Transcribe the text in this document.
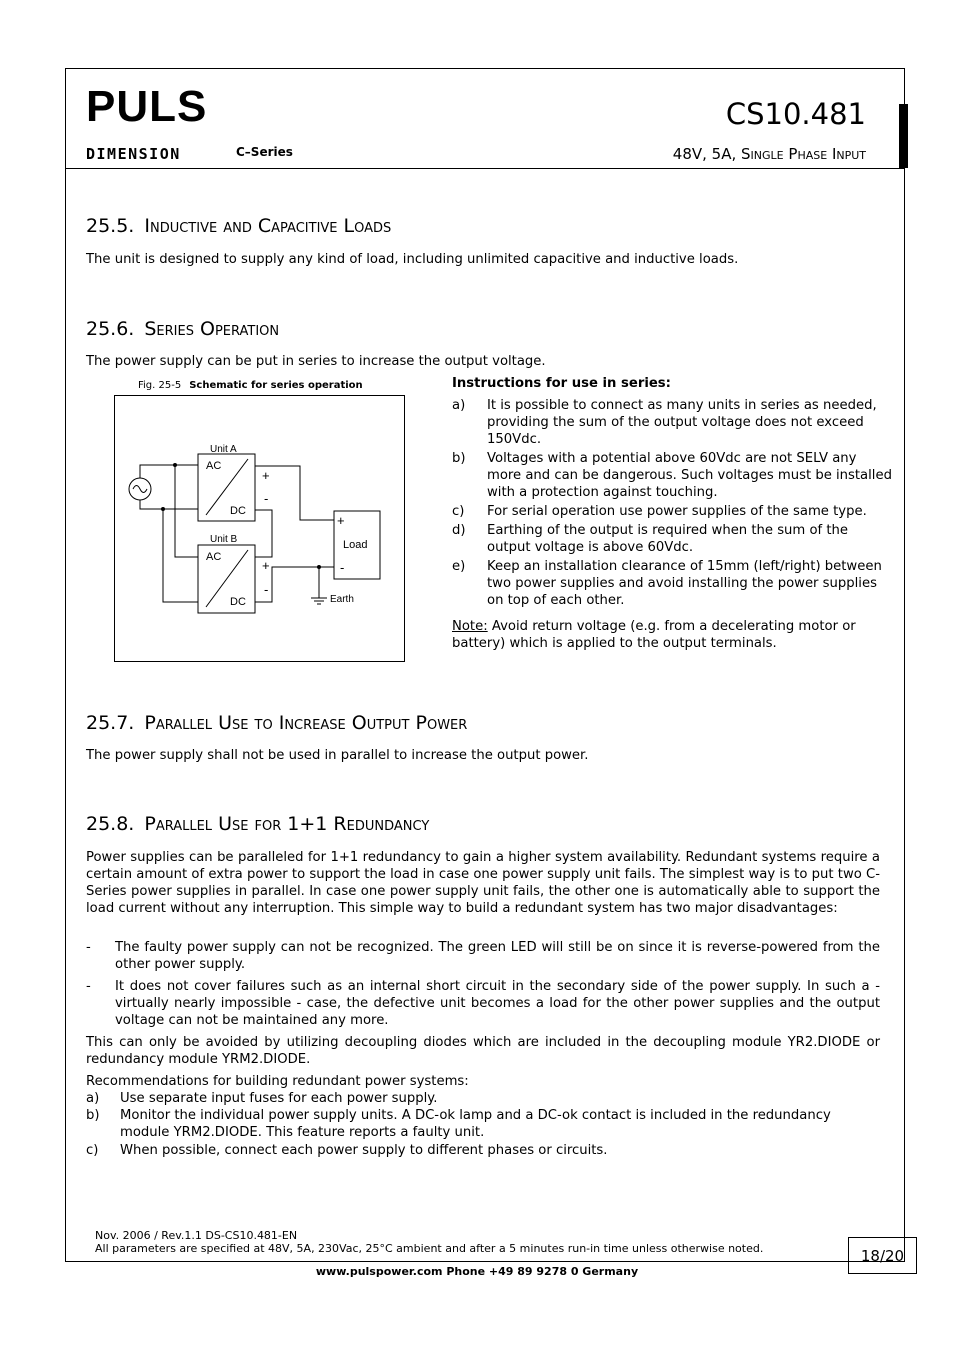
PULS
DIMENSION	C–Series
CS10.481
48V, 5A, Single Phase Input
25.5. Inductive and Capacitive Loads
The unit is designed to supply any kind of load, including unlimited capacitive and inductive loads.
25.6. Series Operation
The power supply can be put in series to increase the output voltage.
Fig. 25-5 Schematic for series operation
Unit A
AC
DC
+
-
Unit B
AC
DC
+
-
+
Load
-
Earth
Instructions for use in series:
a) It is possible to connect as many units in series as needed,
providing the sum of the output voltage does not exceed
150Vdc.
b) Voltages with a potential above 60Vdc are not SELV any
more and can be dangerous. Such voltages must be installed
with a protection against touching.
c) For serial operation use power supplies of the same type.
d) Earthing of the output is required when the sum of the
output voltage is above 60Vdc.
e) Keep an installation clearance of 15mm (left/right) between
two power supplies and avoid installing the power supplies
on top of each other.
Note: Avoid return voltage (e.g. from a decelerating motor or
battery) which is applied to the output terminals.
25.7. Parallel Use to Increase Output Power
The power supply shall not be used in parallel to increase the output power.
25.8. Parallel Use for 1+1 Redundancy
Power supplies can be paralleled for 1+1 redundancy to gain a higher system availability. Redundant systems require a certain amount of extra power to support the load in case one power supply unit fails. The simplest way is to put two C-Series power supplies in parallel. In case one power supply unit fails, the other one is automatically able to support the load current without any interruption. This simple way to build a redundant system has two major disadvantages:
- The faulty power supply can not be recognized. The green LED will still be on since it is reverse-powered from the other power supply.
- It does not cover failures such as an internal short circuit in the secondary side of the power supply. In such a - virtually nearly impossible - case, the defective unit becomes a load for the other power supplies and the output voltage can not be maintained any more.
This can only be avoided by utilizing decoupling diodes which are included in the decoupling module YR2.DIODE or redundancy module YRM2.DIODE.
Recommendations for building redundant power systems:
a) Use separate input fuses for each power supply.
b) Monitor the individual power supply units. A DC-ok lamp and a DC-ok contact is included in the redundancy
module YRM2.DIODE. This feature reports a faulty unit.
c) When possible, connect each power supply to different phases or circuits.
Nov. 2006 / Rev.1.1 DS-CS10.481-EN
All parameters are specified at 48V, 5A, 230Vac, 25°C ambient and after a 5 minutes run-in time unless otherwise noted.	18/20
www.pulspower.com Phone +49 89 9278 0 Germany
